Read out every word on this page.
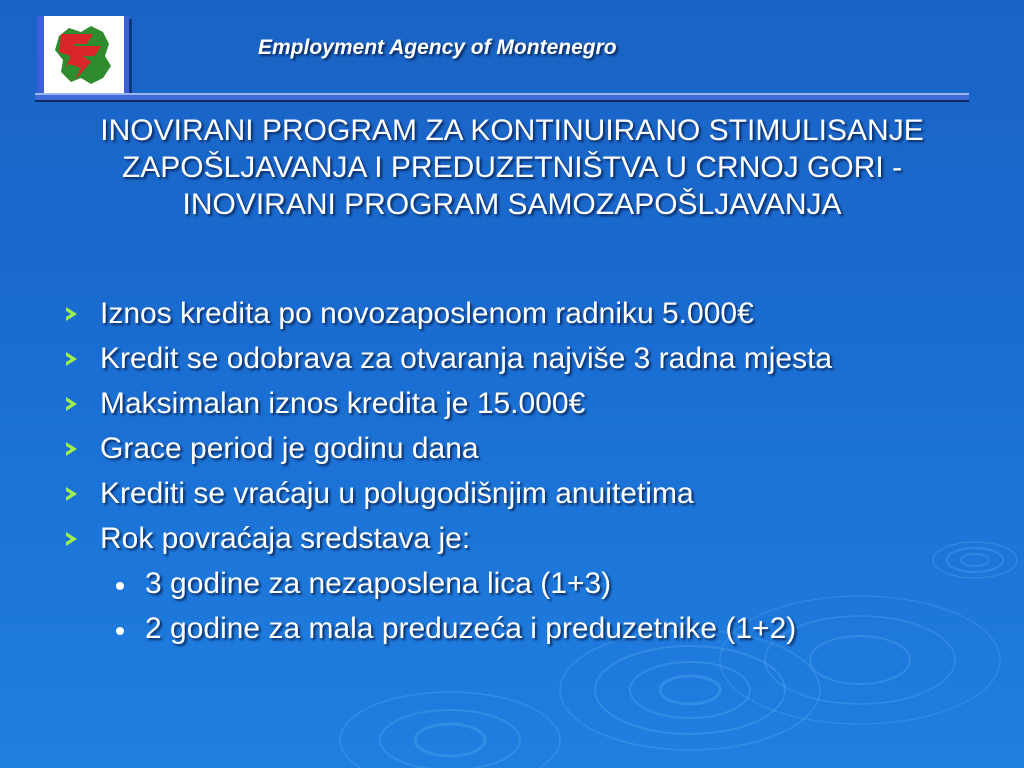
Employment Agency of Montenegro
INOVIRANI PROGRAM ZA KONTINUIRANO STIMULISANJE
ZAPOŠLJAVANJA I PREDUZETNIŠTVA U CRNOJ GORI -
INOVIRANI PROGRAM SAMOZAPOŠLJAVANJA
Iznos kredita po novozaposlenom radniku 5.000€
Kredit se odobrava za otvaranja najviše 3 radna mjesta
Maksimalan iznos kredita je 15.000€
Grace period je godinu dana
Krediti se vraćaju u polugodišnjim anuitetima
Rok povraćaja sredstava je:
3 godine za nezaposlena lica (1+3)
2 godine za mala preduzeća i preduzetnike (1+2)
